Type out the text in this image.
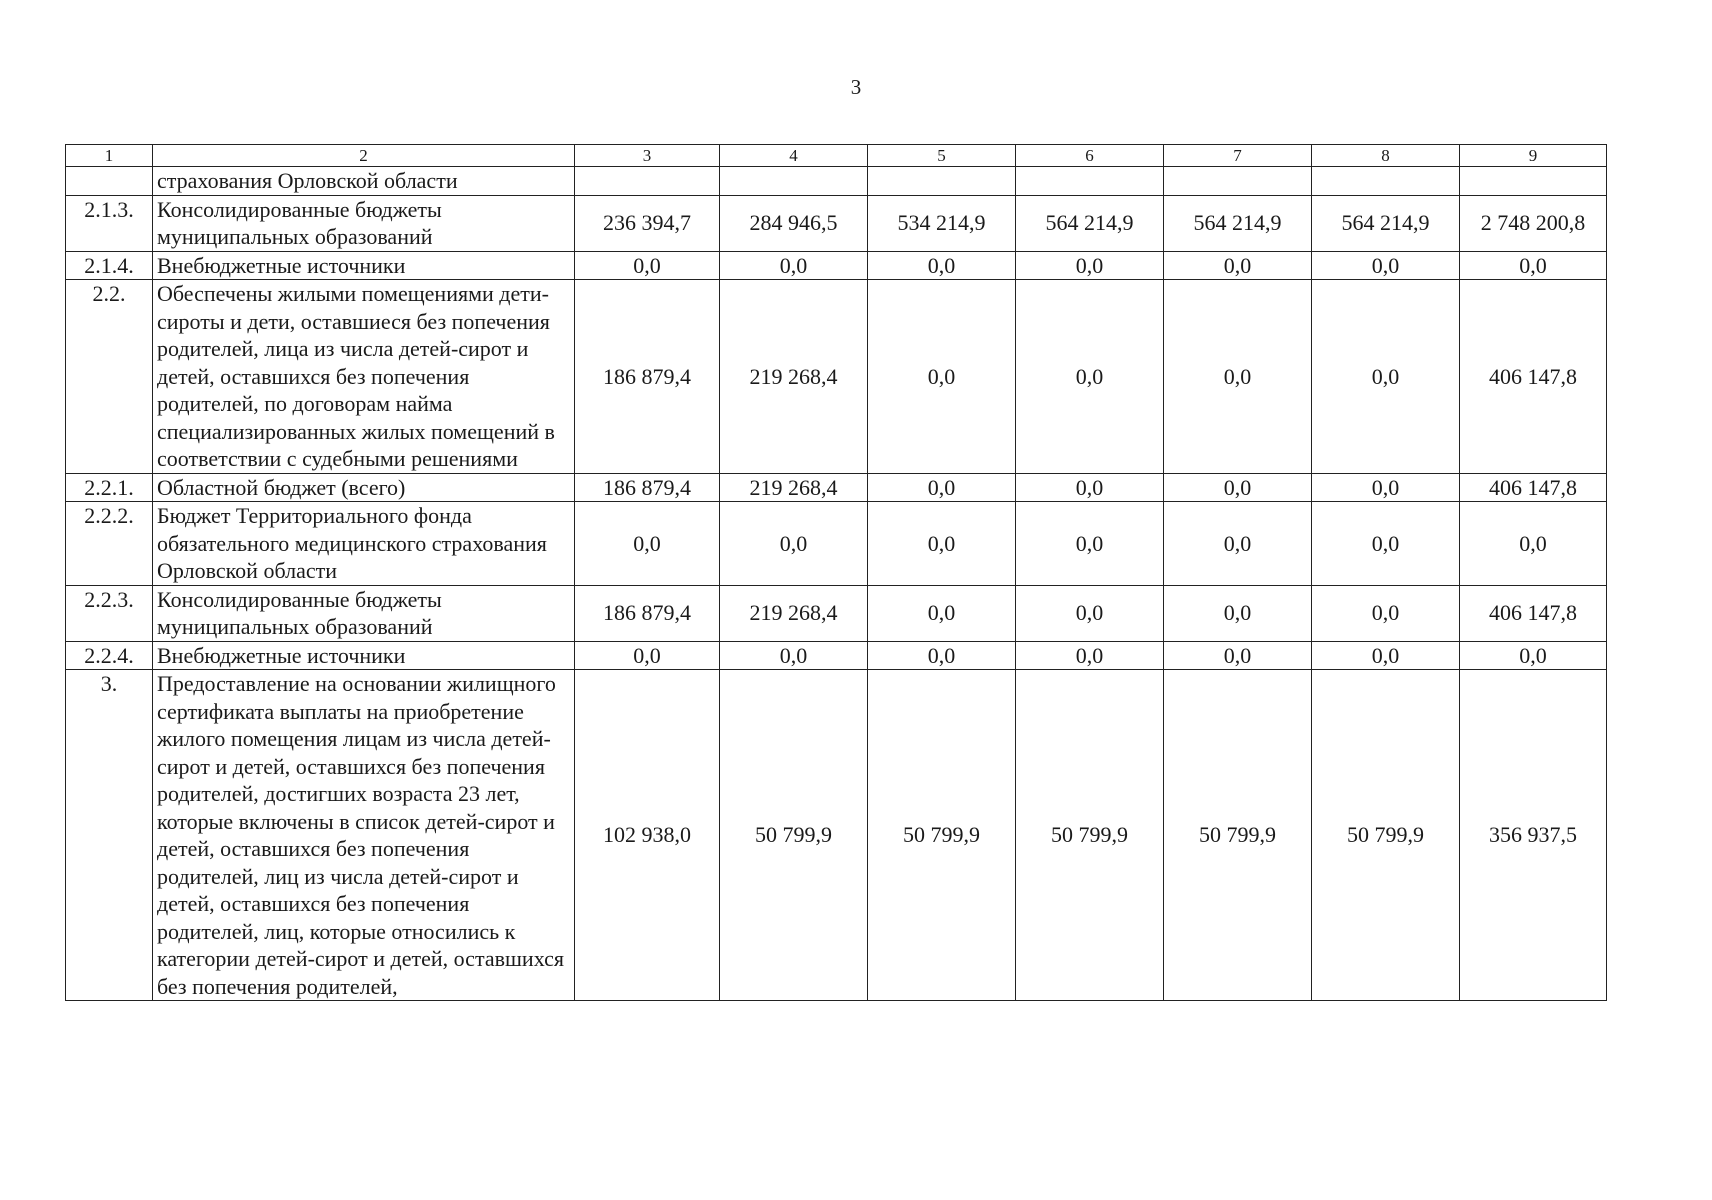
3
1	2	3	4	5	6	7	8	9
	страхования Орловской области							
2.1.3.	Консолидированные бюджеты муниципальных образований	236 394,7	284 946,5	534 214,9	564 214,9	564 214,9	564 214,9	2 748 200,8
2.1.4.	Внебюджетные источники	0,0	0,0	0,0	0,0	0,0	0,0	0,0
2.2.	Обеспечены жилыми помещениями дети-сироты и дети, оставшиеся без попечения родителей, лица из числа детей-сирот и детей, оставшихся без попечения родителей, по договорам найма специализированных жилых помещений в соответствии с судебными решениями	186 879,4	219 268,4	0,0	0,0	0,0	0,0	406 147,8
2.2.1.	Областной бюджет (всего)	186 879,4	219 268,4	0,0	0,0	0,0	0,0	406 147,8
2.2.2.	Бюджет Территориального фонда обязательного медицинского страхования Орловской области	0,0	0,0	0,0	0,0	0,0	0,0	0,0
2.2.3.	Консолидированные бюджеты муниципальных образований	186 879,4	219 268,4	0,0	0,0	0,0	0,0	406 147,8
2.2.4.	Внебюджетные источники	0,0	0,0	0,0	0,0	0,0	0,0	0,0
3.	Предоставление на основании жилищного сертификата выплаты на приобретение жилого помещения лицам из числа детей-сирот и детей, оставшихся без попечения родителей, достигших возраста 23 лет, которые включены в список детей-сирот и детей, оставшихся без попечения родителей, лиц из числа детей-сирот и детей, оставшихся без попечения родителей, лиц, которые относились к категории детей-сирот и детей, оставшихся без попечения родителей,	102 938,0	50 799,9	50 799,9	50 799,9	50 799,9	50 799,9	356 937,5
